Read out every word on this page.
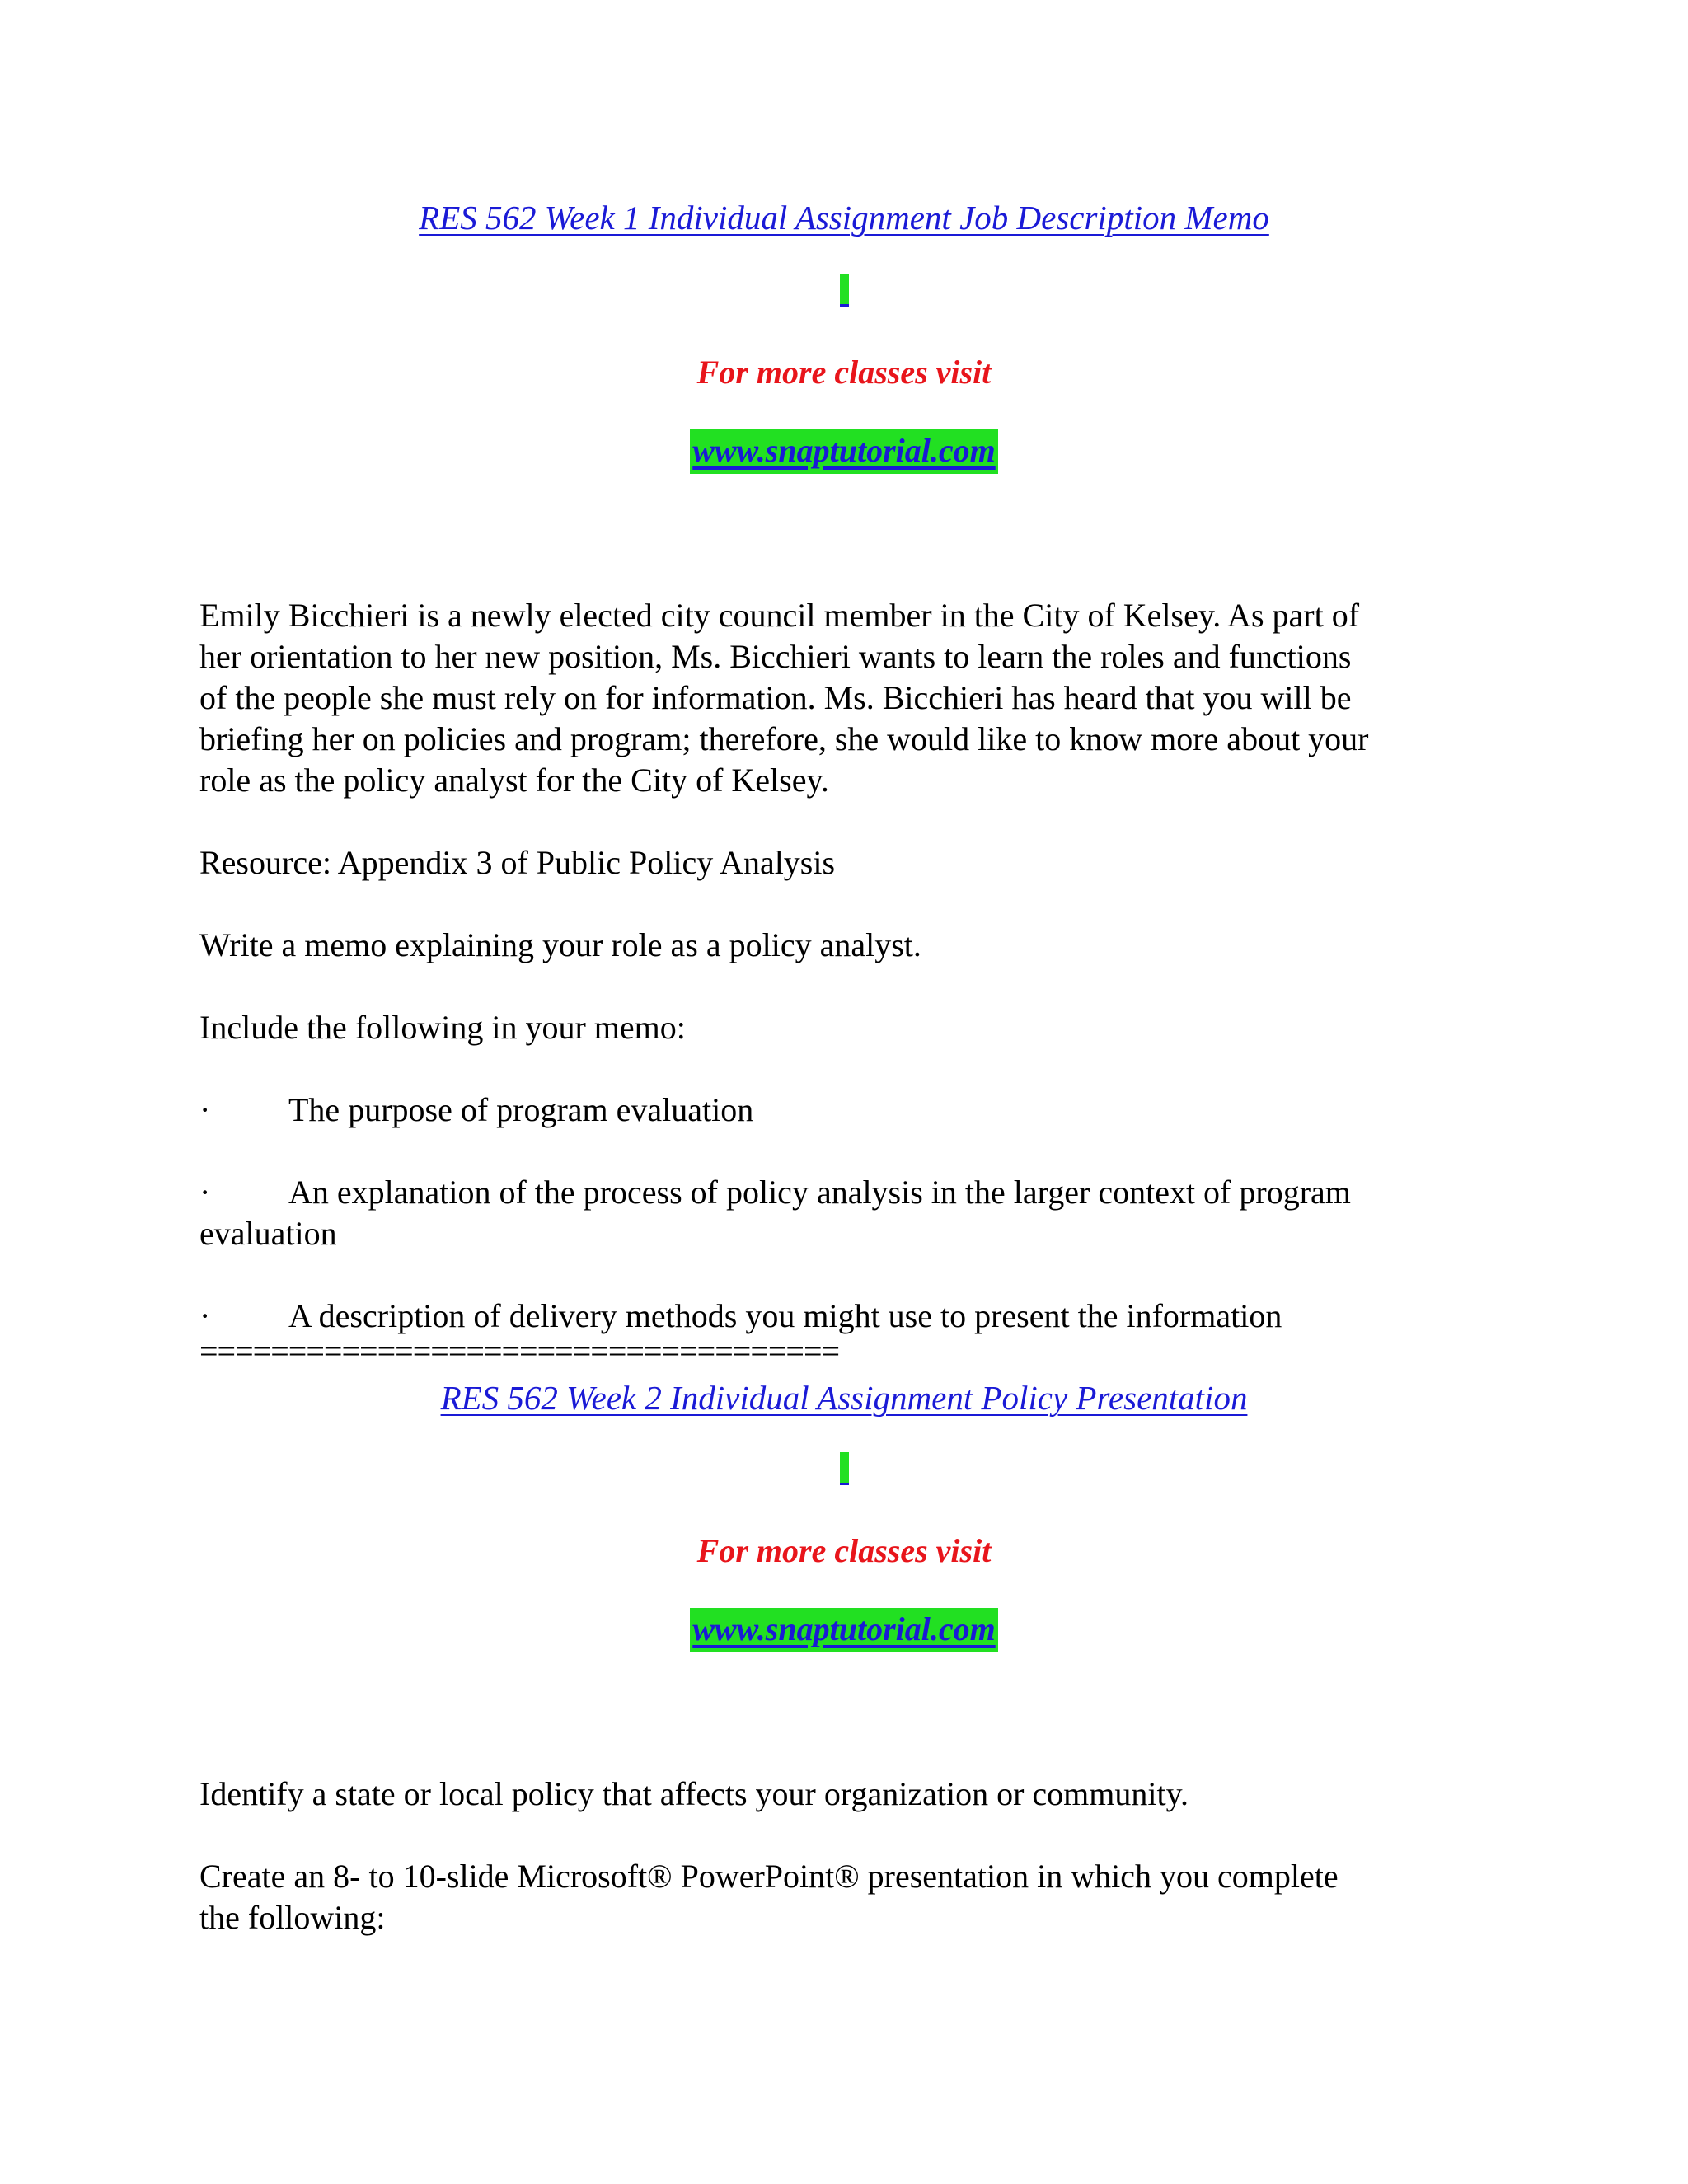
RES 562 Week 1 Individual Assignment Job Description Memo
For more classes visit
www.snaptutorial.com
Emily Bicchieri is a newly elected city council member in the City of Kelsey. As part of
her orientation to her new position, Ms. Bicchieri wants to learn the roles and functions
of the people she must rely on for information. Ms. Bicchieri has heard that you will be
briefing her on policies and program; therefore, she would like to know more about your
role as the policy analyst for the City of Kelsey.
Resource: Appendix 3 of Public Policy Analysis
Write a memo explaining your role as a policy analyst.
Include the following in your memo:
· The purpose of program evaluation
· An explanation of the process of policy analysis in the larger context of program
evaluation
· A description of delivery methods you might use to present the information
====================================
RES 562 Week 2 Individual Assignment Policy Presentation
For more classes visit
www.snaptutorial.com
Identify a state or local policy that affects your organization or community.
Create an 8- to 10-slide Microsoft® PowerPoint® presentation in which you complete
the following:
